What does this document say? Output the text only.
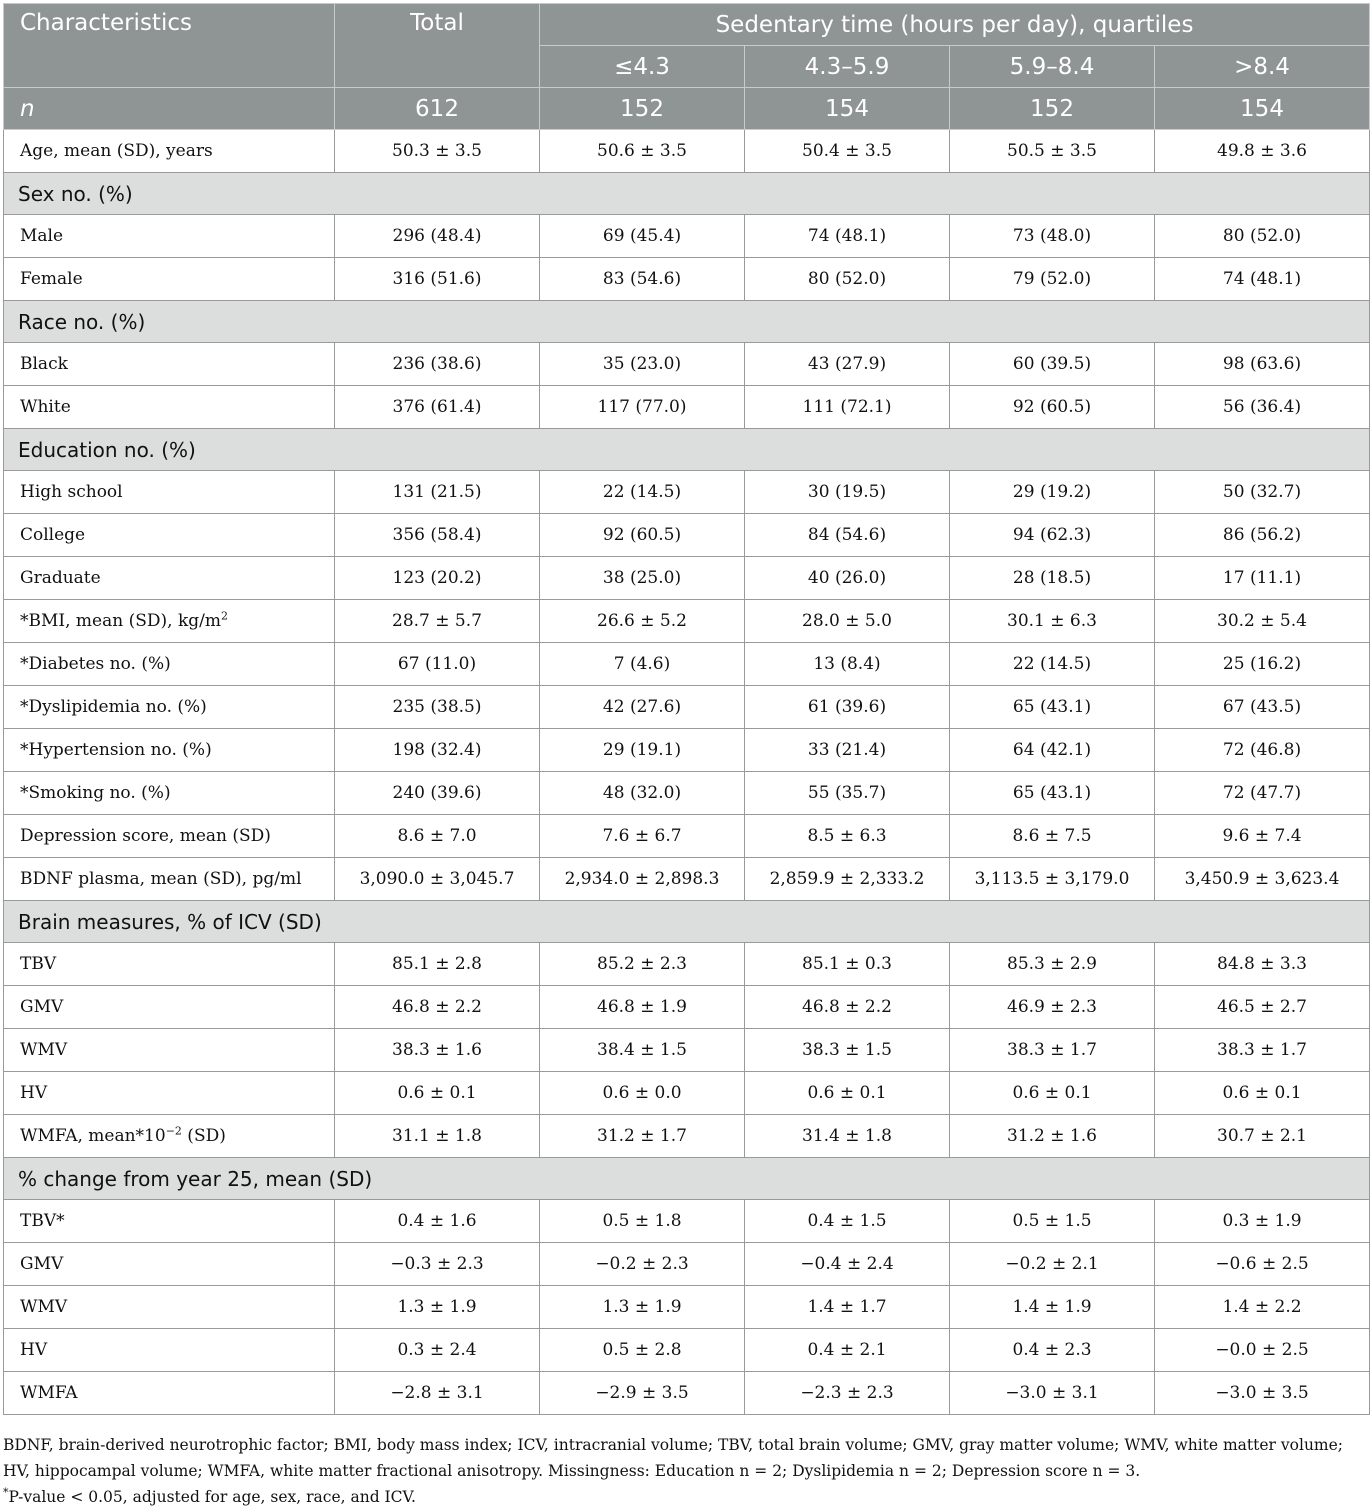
Characteristics	Total	Sedentary time (hours per day), quartiles			
		≤4.3	4.3–5.9	5.9–8.4	>8.4
n	612	152	154	152	154
Age, mean (SD), years	50.3 ± 3.5	50.6 ± 3.5	50.4 ± 3.5	50.5 ± 3.5	49.8 ± 3.6
Sex no. (%)					
Male	296 (48.4)	69 (45.4)	74 (48.1)	73 (48.0)	80 (52.0)
Female	316 (51.6)	83 (54.6)	80 (52.0)	79 (52.0)	74 (48.1)
Race no. (%)					
Black	236 (38.6)	35 (23.0)	43 (27.9)	60 (39.5)	98 (63.6)
White	376 (61.4)	117 (77.0)	111 (72.1)	92 (60.5)	56 (36.4)
Education no. (%)					
High school	131 (21.5)	22 (14.5)	30 (19.5)	29 (19.2)	50 (32.7)
College	356 (58.4)	92 (60.5)	84 (54.6)	94 (62.3)	86 (56.2)
Graduate	123 (20.2)	38 (25.0)	40 (26.0)	28 (18.5)	17 (11.1)
*BMI, mean (SD), $kg/m^2$	28.7 ± 5.7	26.6 ± 5.2	28.0 ± 5.0	30.1 ± 6.3	30.2 ± 5.4
*Diabetes no. (%)	67 (11.0)	7 (4.6)	13 (8.4)	22 (14.5)	25 (16.2)
*Dyslipidemia no. (%)	235 (38.5)	42 (27.6)	61 (39.6)	65 (43.1)	67 (43.5)
*Hypertension no. (%)	198 (32.4)	29 (19.1)	33 (21.4)	64 (42.1)	72 (46.8)
*Smoking no. (%)	240 (39.6)	48 (32.0)	55 (35.7)	65 (43.1)	72 (47.7)
Depression score, mean (SD)	8.6 ± 7.0	7.6 ± 6.7	8.5 ± 6.3	8.6 ± 7.5	9.6 ± 7.4
BDNF plasma, mean (SD), pg/ml	3,090.0 ± 3,045.7	2,934.0 ± 2,898.3	2,859.9 ± 2,333.2	3,113.5 ± 3,179.0	3,450.9 ± 3,623.4
Brain measures, % of ICV (SD)					
TBV	85.1 ± 2.8	85.2 ± 2.3	85.1 ± 0.3	85.3 ± 2.9	84.8 ± 3.3
GMV	46.8 ± 2.2	46.8 ± 1.9	46.8 ± 2.2	46.9 ± 2.3	46.5 ± 2.7
WMV	38.3 ± 1.6	38.4 ± 1.5	38.3 ± 1.5	38.3 ± 1.7	38.3 ± 1.7
HV	0.6 ± 0.1	0.6 ± 0.0	0.6 ± 0.1	0.6 ± 0.1	0.6 ± 0.1
WMFA, $mean*10^{-2}$ (SD)	31.1 ± 1.8	31.2 ± 1.7	31.4 ± 1.8	31.2 ± 1.6	30.7 ± 2.1
% change from year 25, mean (SD)					
TBV*	0.4 ± 1.6	0.5 ± 1.8	0.4 ± 1.5	0.5 ± 1.5	0.3 ± 1.9
GMV	−0.3 ± 2.3	−0.2 ± 2.3	−0.4 ± 2.4	−0.2 ± 2.1	−0.6 ± 2.5
WMV	1.3 ± 1.9	1.3 ± 1.9	1.4 ± 1.7	1.4 ± 1.9	1.4 ± 2.2
HV	0.3 ± 2.4	0.5 ± 2.8	0.4 ± 2.1	0.4 ± 2.3	−0.0 ± 2.5
WMFA	−2.8 ± 3.1	−2.9 ± 3.5	−2.3 ± 2.3	−3.0 ± 3.1	−3.0 ± 3.5

BDNF, brain-derived neurotrophic factor; BMI, body mass index; ICV, intracranial volume; TBV, total brain volume; GMV, gray matter volume; WMV, white matter volume; HV, hippocampal volume; WMFA, white matter fractional anisotropy. Missingness: Education n = 2; Dyslipidemia n = 2; Depression score n = 3.

*P-value < 0.05, adjusted for age, sex, race, and ICV.
